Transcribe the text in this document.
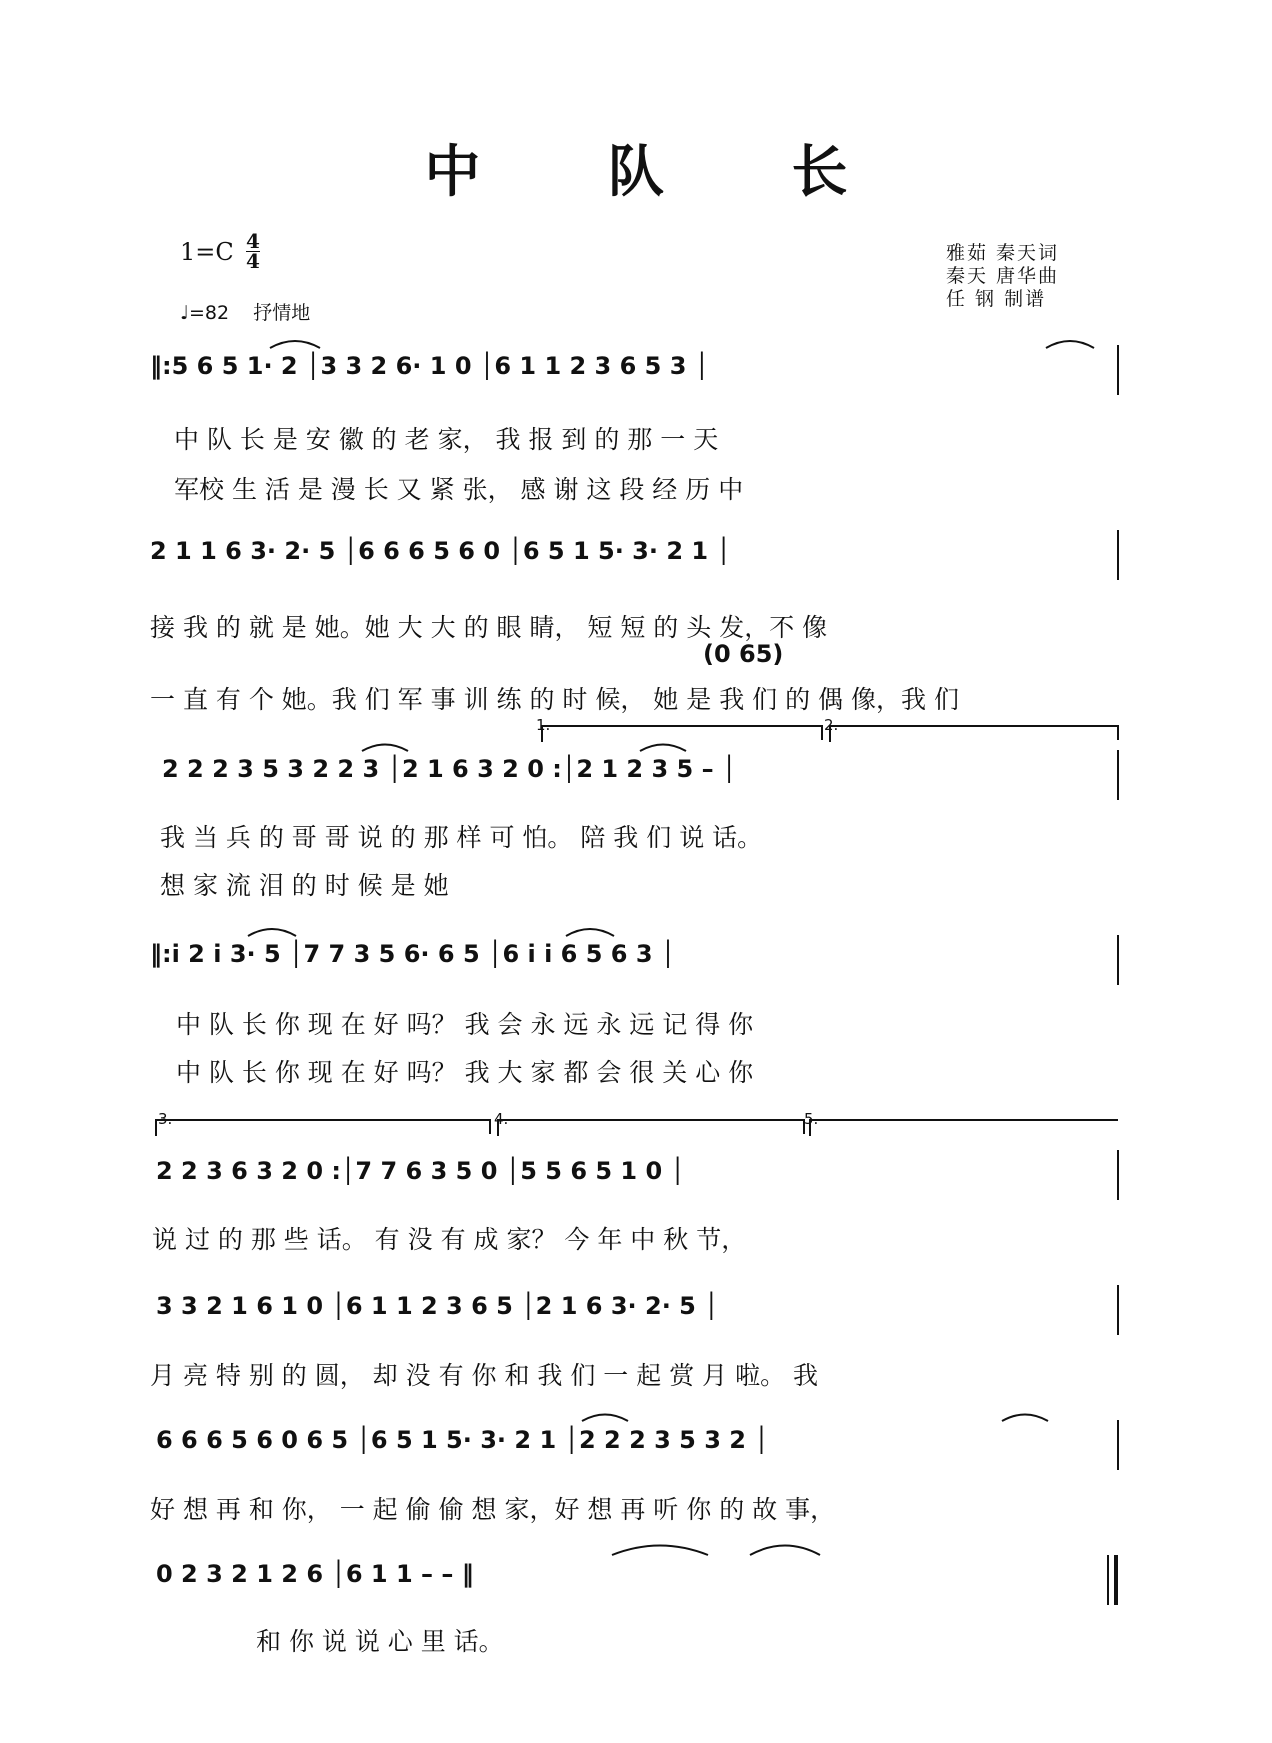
中 队 长
1=C 4
4
♩=82 抒情地
雅茹 秦天词
秦天 唐华曲
任 钢 制谱
‖:5 6 5 1· 2 │3 3 2 6· 1 0 │6 1 1 2 3 6 5 3 │
中 队 长 是 安 徽 的 老 家， 我 报 到 的 那 一 天
军校 生 活 是 漫 长 又 紧 张， 感 谢 这 段 经 历 中
2 1 1 6 3· 2· 5 │6 6 6 5 6 0 │6 5 1 5· 3· 2 1 │
接 我 的 就 是 她。她 大 大 的 眼 睛， 短 短 的 头 发，不 像
(0 65)
一 直 有 个 她。我 们 军 事 训 练 的 时 候， 她 是 我 们 的 偶 像，我 们
1.	2.
2 2 2 3 5 3 2 2 3 │2 1 6 3 2 0 :│2 1 2 3 5 – │
我 当 兵 的 哥 哥 说 的 那 样 可 怕。 陪 我 们 说 话。
想 家 流 泪 的 时 候 是 她
‖:i 2 i 3· 5 │7 7 3 5 6· 6 5 │6 i i 6 5 6 3 │
中 队 长 你 现 在 好 吗？ 我 会 永 远 永 远 记 得 你
中 队 长 你 现 在 好 吗？ 我 大 家 都 会 很 关 心 你
3.	4.	5.
2 2 3 6 3 2 0 :│7 7 6 3 5 0 │5 5 6 5 1 0 │
说 过 的 那 些 话。 有 没 有 成 家？ 今 年 中 秋 节，
3 3 2 1 6 1 0 │6 1 1 2 3 6 5 │2 1 6 3· 2· 5 │
月 亮 特 别 的 圆， 却 没 有 你 和 我 们 一 起 赏 月 啦。 我
6 6 6 5 6 0 6 5 │6 5 1 5· 3· 2 1 │2 2 2 3 5 3 2 │
好 想 再 和 你， 一 起 偷 偷 想 家，好 想 再 听 你 的 故 事，
0 2 3 2 1 2 6 │6 1 1 – – ‖
和 你 说 说 心 里 话。
